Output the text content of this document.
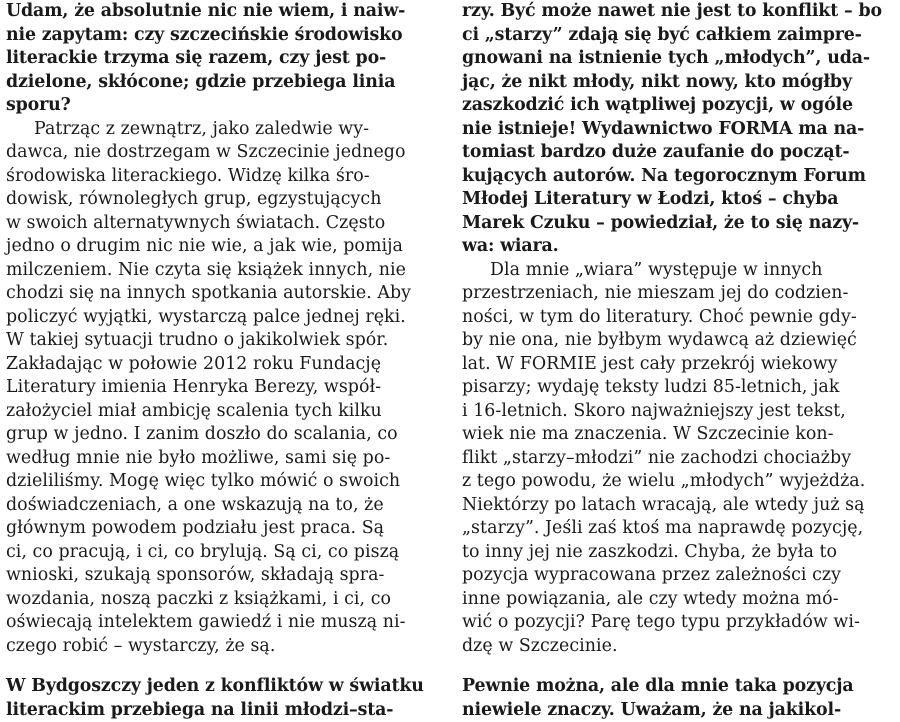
Udam, że absolutnie nic nie wiem, i naiw-
nie zapytam: czy szczecińskie środowisko
literackie trzyma się razem, czy jest po-
dzielone, skłócone; gdzie przebiega linia
sporu?
Patrząc z zewnątrz, jako zaledwie wy-
dawca, nie dostrzegam w Szczecinie jednego
środowiska literackiego. Widzę kilka śro-
dowisk, równoległych grup, egzystujących
w swoich alternatywnych światach. Często
jedno o drugim nic nie wie, a jak wie, pomija
milczeniem. Nie czyta się książek innych, nie
chodzi się na innych spotkania autorskie. Aby
policzyć wyjątki, wystarczą palce jednej ręki.
W takiej sytuacji trudno o jakikolwiek spór.
Zakładając w połowie 2012 roku Fundację
Literatury imienia Henryka Berezy, współ-
założyciel miał ambicję scalenia tych kilku
grup w jedno. I zanim doszło do scalania, co
według mnie nie było możliwe, sami się po-
dzieliliśmy. Mogę więc tylko mówić o swoich
doświadczeniach, a one wskazują na to, że
głównym powodem podziału jest praca. Są
ci, co pracują, i ci, co brylują. Są ci, co piszą
wnioski, szukają sponsorów, składają spra-
wozdania, noszą paczki z książkami, i ci, co
oświecają intelektem gawiedź i nie muszą ni-
czego robić – wystarczy, że są.
W Bydgoszczy jeden z konfliktów w światku
literackim przebiega na linii młodzi–sta-
rzy. Być może nawet nie jest to konflikt – bo
ci „starzy” zdają się być całkiem zaimpre-
gnowani na istnienie tych „młodych”, uda-
jąc, że nikt młody, nikt nowy, kto mógłby
zaszkodzić ich wątpliwej pozycji, w ogóle
nie istnieje! Wydawnictwo FORMA ma na-
tomiast bardzo duże zaufanie do począt-
kujących autorów. Na tegorocznym Forum
Młodej Literatury w Łodzi, ktoś – chyba
Marek Czuku – powiedział, że to się nazy-
wa: wiara.
Dla mnie „wiara” występuje w innych
przestrzeniach, nie mieszam jej do codzien-
ności, w tym do literatury. Choć pewnie gdy-
by nie ona, nie byłbym wydawcą aż dziewięć
lat. W FORMIE jest cały przekrój wiekowy
pisarzy; wydaję teksty ludzi 85-letnich, jak
i 16-letnich. Skoro najważniejszy jest tekst,
wiek nie ma znaczenia. W Szczecinie kon-
flikt „starzy–młodzi” nie zachodzi chociażby
z tego powodu, że wielu „młodych” wyjeżdża.
Niektórzy po latach wracają, ale wtedy już są
„starzy”. Jeśli zaś ktoś ma naprawdę pozycję,
to inny jej nie zaszkodzi. Chyba, że była to
pozycja wypracowana przez zależności czy
inne powiązania, ale czy wtedy można mó-
wić o pozycji? Parę tego typu przykładów wi-
dzę w Szczecinie.
Pewnie można, ale dla mnie taka pozycja
niewiele znaczy. Uważam, że na jakikol-
